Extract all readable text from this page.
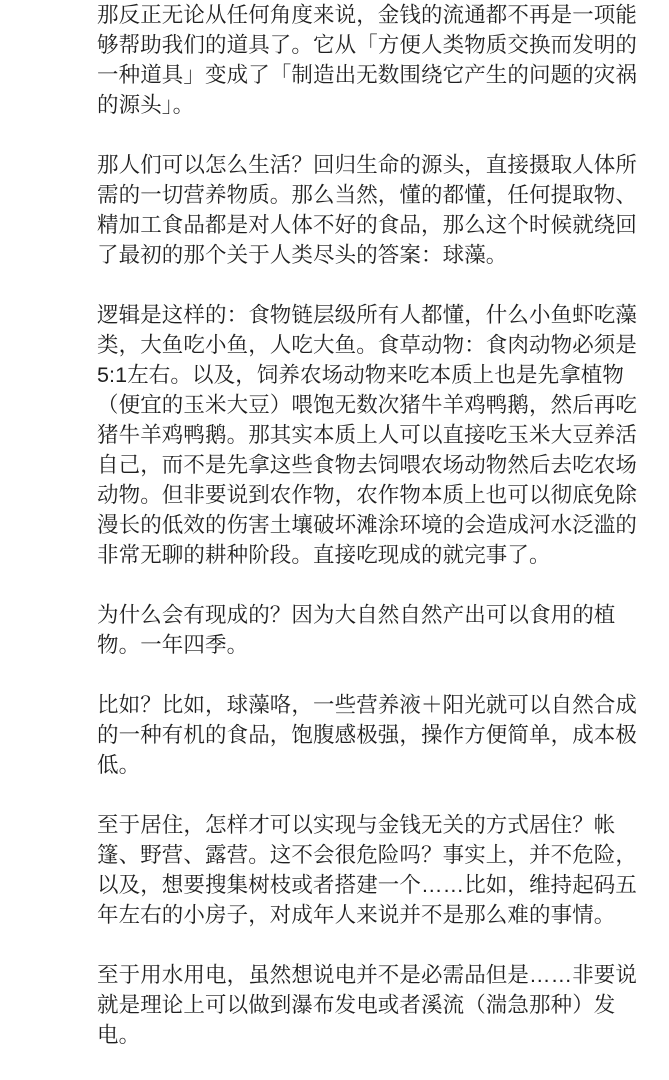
那反正无论从任何角度来说，金钱的流通都不再是一项能够帮助我们的道具了。它从「方便人类物质交换而发明的一种道具」变成了「制造出无数围绕它产生的问题的灾祸的源头」。

那人们可以怎么生活？回归生命的源头，直接摄取人体所需的一切营养物质。那么当然，懂的都懂，任何提取物、精加工食品都是对人体不好的食品，那么这个时候就绕回了最初的那个关于人类尽头的答案：球藻。

逻辑是这样的：食物链层级所有人都懂，什么小鱼虾吃藻类，大鱼吃小鱼，人吃大鱼。食草动物：食肉动物必须是5:1左右。以及，饲养农场动物来吃本质上也是先拿植物（便宜的玉米大豆）喂饱无数次猪牛羊鸡鸭鹅，然后再吃猪牛羊鸡鸭鹅。那其实本质上人可以直接吃玉米大豆养活自己，而不是先拿这些食物去饲喂农场动物然后去吃农场动物。但非要说到农作物，农作物本质上也可以彻底免除漫长的低效的伤害土壤破坏滩涂环境的会造成河水泛滥的非常无聊的耕种阶段。直接吃现成的就完事了。

为什么会有现成的？因为大自然自然产出可以食用的植物。一年四季。

比如？比如，球藻咯，一些营养液＋阳光就可以自然合成的一种有机的食品，饱腹感极强，操作方便简单，成本极低。

至于居住，怎样才可以实现与金钱无关的方式居住？帐篷、野营、露营。这不会很危险吗？事实上，并不危险，以及，想要搜集树枝或者搭建一个……比如，维持起码五年左右的小房子，对成年人来说并不是那么难的事情。

至于用水用电，虽然想说电并不是必需品但是……非要说就是理论上可以做到瀑布发电或者溪流（湍急那种）发电。
